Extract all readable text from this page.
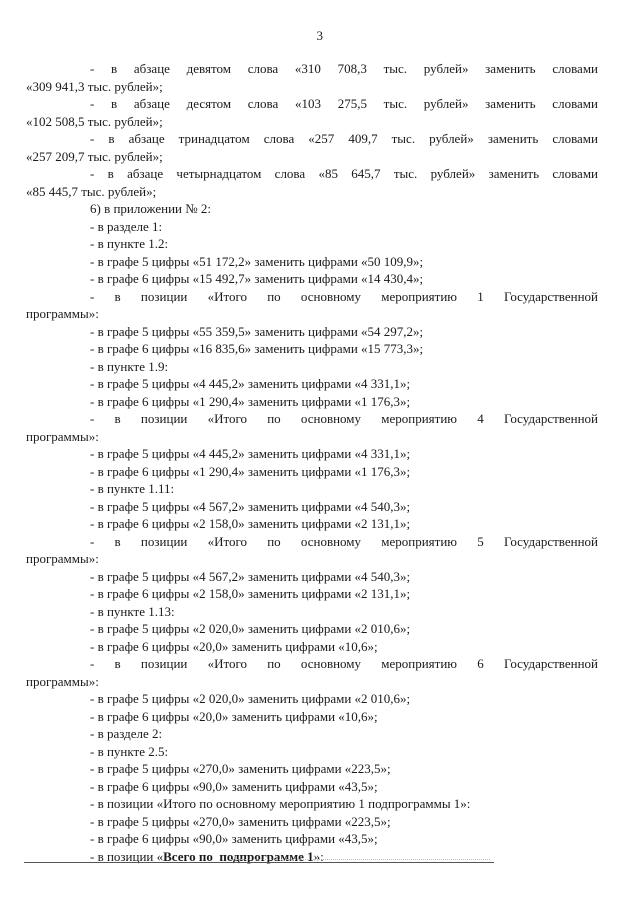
3
- в абзаце девятом слова «310 708,3 тыс. рублей» заменить словами
«309 941,3 тыс. рублей»;
- в абзаце десятом слова «103 275,5 тыс. рублей» заменить словами
«102 508,5 тыс. рублей»;
- в абзаце тринадцатом слова «257 409,7 тыс. рублей» заменить словами
«257 209,7 тыс. рублей»;
- в абзаце четырнадцатом слова «85 645,7 тыс. рублей» заменить словами
«85 445,7 тыс. рублей»;
6) в приложении № 2:
- в разделе 1:
- в пункте 1.2:
- в графе 5 цифры «51 172,2» заменить цифрами «50 109,9»;
- в графе 6 цифры «15 492,7» заменить цифрами «14 430,4»;
- в позиции «Итого по основному мероприятию 1 Государственной
программы»:
- в графе 5 цифры «55 359,5» заменить цифрами «54 297,2»;
- в графе 6 цифры «16 835,6» заменить цифрами «15 773,3»;
- в пункте 1.9:
- в графе 5 цифры «4 445,2» заменить цифрами «4 331,1»;
- в графе 6 цифры «1 290,4» заменить цифрами «1 176,3»;
- в позиции «Итого по основному мероприятию 4 Государственной
программы»:
- в графе 5 цифры «4 445,2» заменить цифрами «4 331,1»;
- в графе 6 цифры «1 290,4» заменить цифрами «1 176,3»;
- в пункте 1.11:
- в графе 5 цифры «4 567,2» заменить цифрами «4 540,3»;
- в графе 6 цифры «2 158,0» заменить цифрами «2 131,1»;
- в позиции «Итого по основному мероприятию 5 Государственной
программы»:
- в графе 5 цифры «4 567,2» заменить цифрами «4 540,3»;
- в графе 6 цифры «2 158,0» заменить цифрами «2 131,1»;
- в пункте 1.13:
- в графе 5 цифры «2 020,0» заменить цифрами «2 010,6»;
- в графе 6 цифры «20,0» заменить цифрами «10,6»;
- в позиции «Итого по основному мероприятию 6 Государственной
программы»:
- в графе 5 цифры «2 020,0» заменить цифрами «2 010,6»;
- в графе 6 цифры «20,0» заменить цифрами «10,6»;
- в разделе 2:
- в пункте 2.5:
- в графе 5 цифры «270,0» заменить цифрами «223,5»;
- в графе 6 цифры «90,0» заменить цифрами «43,5»;
- в позиции «Итого по основному мероприятию 1 подпрограммы 1»:
- в графе 5 цифры «270,0» заменить цифрами «223,5»;
- в графе 6 цифры «90,0» заменить цифрами «43,5»;
- в позиции «Всего по  подпрограмме 1»:
